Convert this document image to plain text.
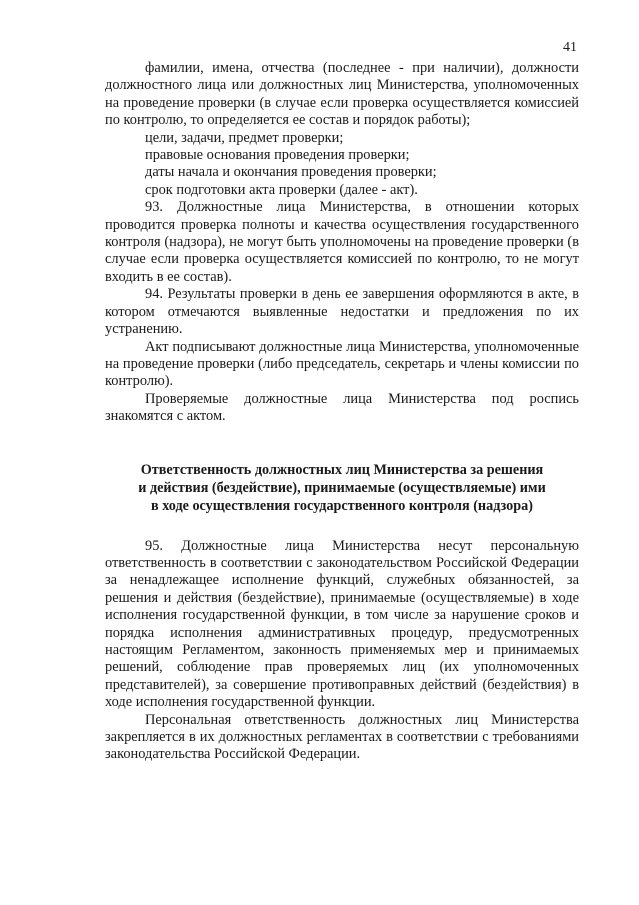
41

фамилии, имена, отчества (последнее - при наличии), должности должностного лица или должностных лиц Министерства, уполномоченных на проведение проверки (в случае если проверка осуществляется комиссией по контролю, то определяется ее состав и порядок работы);

цели, задачи, предмет проверки;

правовые основания проведения проверки;

даты начала и окончания проведения проверки;

срок подготовки акта проверки (далее - акт).

93. Должностные лица Министерства, в отношении которых проводится проверка полноты и качества осуществления государственного контроля (надзора), не могут быть уполномочены на проведение проверки (в случае если проверка осуществляется комиссией по контролю, то не могут входить в ее состав).

94. Результаты проверки в день ее завершения оформляются в акте, в котором отмечаются выявленные недостатки и предложения по их устранению.

Акт подписывают должностные лица Министерства, уполномоченные на проведение проверки (либо председатель, секретарь и члены комиссии по контролю).

Проверяемые должностные лица Министерства под роспись знакомятся с актом.

Ответственность должностных лиц Министерства за решения
и действия (бездействие), принимаемые (осуществляемые) ими
в ходе осуществления государственного контроля (надзора)

95. Должностные лица Министерства несут персональную ответственность в соответствии с законодательством Российской Федерации за ненадлежащее исполнение функций, служебных обязанностей, за решения и действия (бездействие), принимаемые (осуществляемые) в ходе исполнения государственной функции, в том числе за нарушение сроков и порядка исполнения административных процедур, предусмотренных настоящим Регламентом, законность применяемых мер и принимаемых решений, соблюдение прав проверяемых лиц (их уполномоченных представителей), за совершение противоправных действий (бездействия) в ходе исполнения государственной функции.

Персональная ответственность должностных лиц Министерства закрепляется в их должностных регламентах в соответствии с требованиями законодательства Российской Федерации.
